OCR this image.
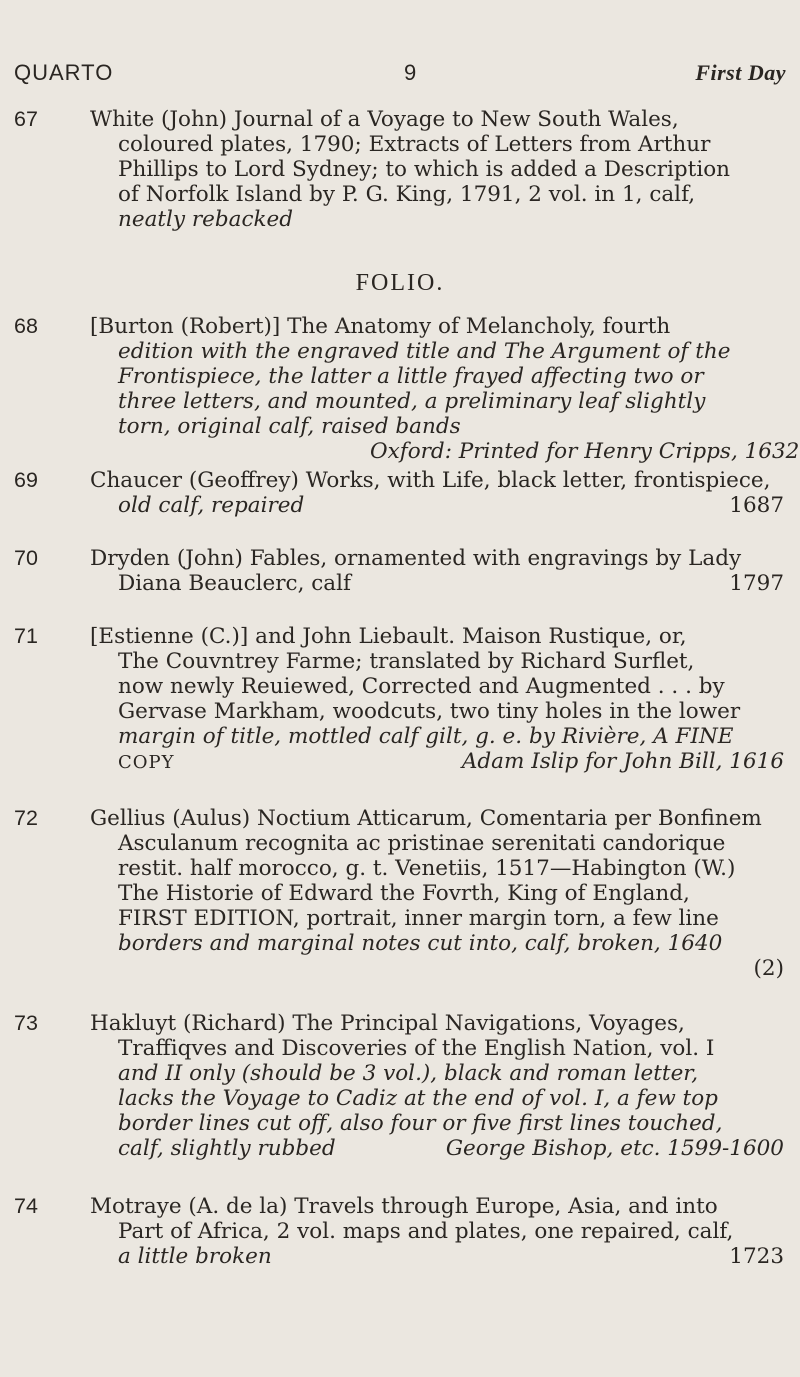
QUARTO	9	First Day
67	White (John) Journal of a Voyage to New South Wales,
coloured plates, 1790; Extracts of Letters from Arthur
Phillips to Lord Sydney; to which is added a Description
of Norfolk Island by P. G. King, 1791, 2 vol. in 1, calf,
neatly rebacked
FOLIO.
68	[Burton (Robert)] The Anatomy of Melancholy, fourth
edition with the engraved title and The Argument of the
Frontispiece, the latter a little frayed affecting two or
three letters, and mounted, a preliminary leaf slightly
torn, original calf, raised bands
Oxford: Printed for Henry Cripps, 1632
69	Chaucer (Geoffrey) Works, with Life, black letter, frontispiece,
old calf, repaired	1687
70	Dryden (John) Fables, ornamented with engravings by Lady
Diana Beauclerc, calf	1797
71	[Estienne (C.)] and John Liebault. Maison Rustique, or,
The Couvntrey Farme; translated by Richard Surflet,
now newly Reuiewed, Corrected and Augmented . . . by
Gervase Markham, woodcuts, two tiny holes in the lower
margin of title, mottled calf gilt, g. e. by Rivière, A FINE
COPY	Adam Islip for John Bill, 1616
72	Gellius (Aulus) Noctium Atticarum, Comentaria per Bonfinem
Asculanum recognita ac pristinae serenitati candorique
restit. half morocco, g. t. Venetiis, 1517—Habington (W.)
The Historie of Edward the Fovrth, King of England,
FIRST EDITION, portrait, inner margin torn, a few line
borders and marginal notes cut into, calf, broken, 1640
(2)
73	Hakluyt (Richard) The Principal Navigations, Voyages,
Traffiqves and Discoveries of the English Nation, vol. I
and II only (should be 3 vol.), black and roman letter,
lacks the Voyage to Cadiz at the end of vol. I, a few top
border lines cut off, also four or five first lines touched,
calf, slightly rubbed	George Bishop, etc. 1599-1600
74	Motraye (A. de la) Travels through Europe, Asia, and into
Part of Africa, 2 vol. maps and plates, one repaired, calf,
a little broken	1723
